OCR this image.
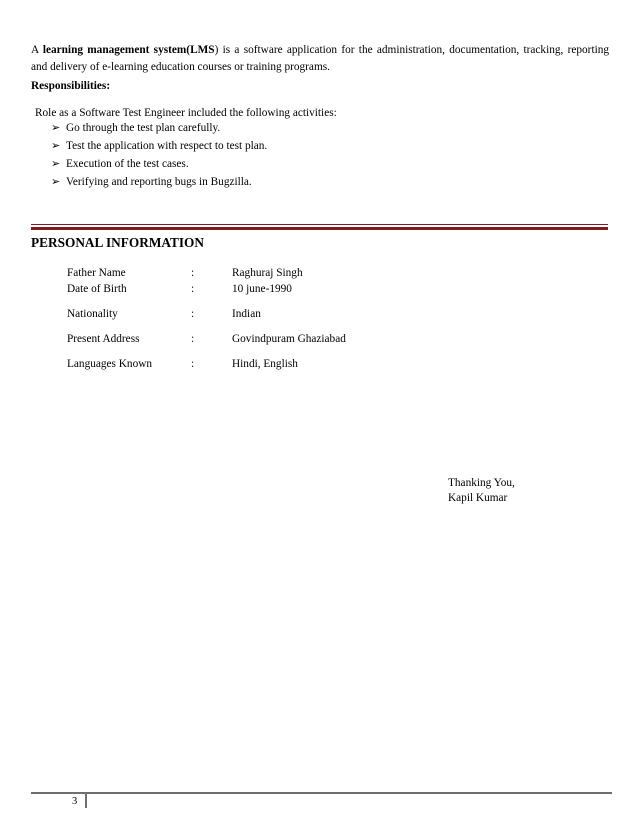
A learning management system(LMS) is a software application for the administration, documentation, tracking, reporting and delivery of e-learning education courses or training programs.
Responsibilities:
Role as a Software Test Engineer included the following activities:
➢ Go through the test plan carefully.
➢ Test the application with respect to test plan.
➢ Execution of the test cases.
➢ Verifying and reporting bugs in Bugzilla.
PERSONAL INFORMATION
Father Name	:	Raghuraj Singh
Date of Birth	:	10 june-1990
Nationality	:	Indian
Present Address	:	Govindpuram Ghaziabad
Languages Known	:	Hindi, English
Thanking You,
Kapil Kumar
3
